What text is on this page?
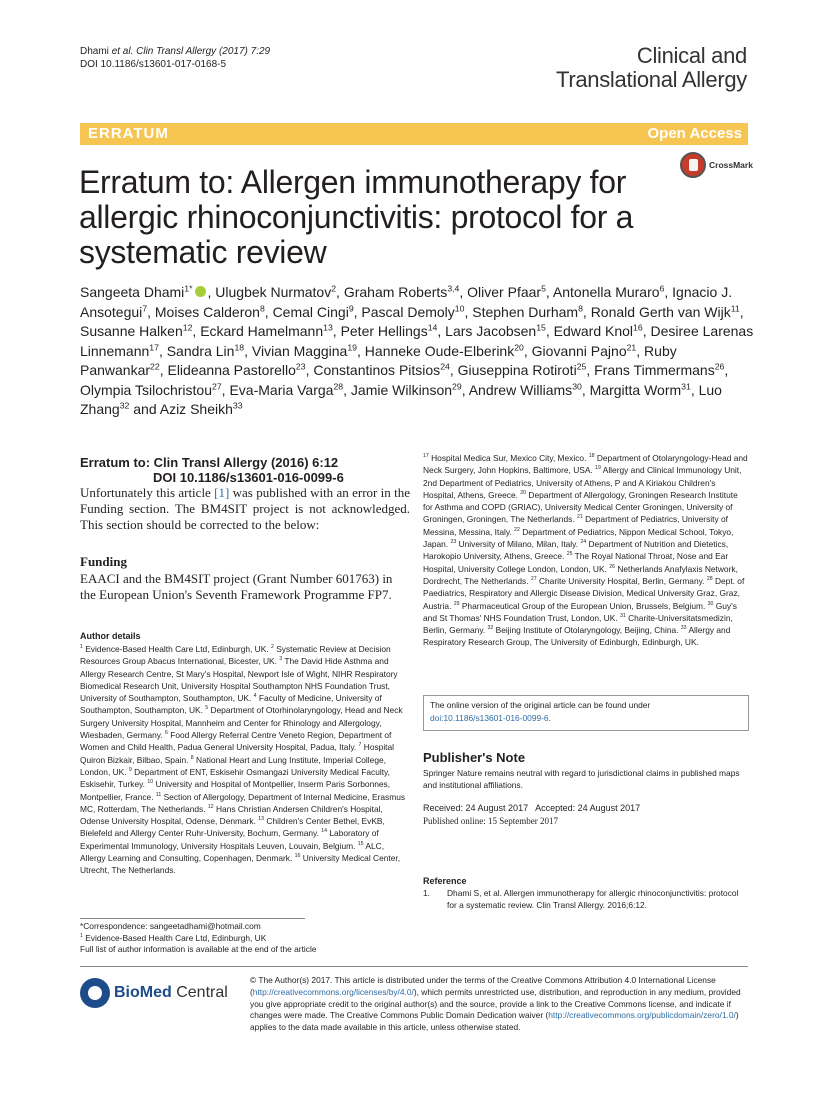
Dhami et al. Clin Transl Allergy (2017) 7:29
DOI 10.1186/s13601-017-0168-5	Clinical and
Translational Allergy
ERRATUM	Open Access
CrossMark
Erratum to: Allergen immunotherapy for allergic rhinoconjunctivitis: protocol for a systematic review
Sangeeta Dhami$^{1*}$ , Ulugbek Nurmatov$^2$, Graham Roberts$^{3,4}$, Oliver Pfaar$^5$, Antonella Muraro$^6$, Ignacio J. Ansotegui$^7$, Moises Calderon$^8$, Cemal Cingi$^9$, Pascal Demoly$^{10}$, Stephen Durham$^8$, Ronald Gerth van Wijk$^{11}$, Susanne Halken$^{12}$, Eckard Hamelmann$^{13}$, Peter Hellings$^{14}$, Lars Jacobsen$^{15}$, Edward Knol$^{16}$, Desiree Larenas Linnemann$^{17}$, Sandra Lin$^{18}$, Vivian Maggina$^{19}$, Hanneke Oude-Elberink$^{20}$, Giovanni Pajno$^{21}$, Ruby Panwankar$^{22}$, Elideanna Pastorello$^{23}$, Constantinos Pitsios$^{24}$, Giuseppina Rotiroti$^{25}$, Frans Timmermans$^{26}$, Olympia Tsilochristou$^{27}$, Eva-Maria Varga$^{28}$, Jamie Wilkinson$^{29}$, Andrew Williams$^{30}$, Margitta Worm$^{31}$, Luo Zhang$^{32}$ and Aziz Sheikh$^{33}$
Erratum to: Clin Transl Allergy (2016) 6:12
DOI 10.1186/s13601-016-0099-6

Unfortunately this article [1] was published with an error in the Funding section. The BM4SIT project is not acknowledged. This section should be corrected to the below:

Funding

EAACI and the BM4SIT project (Grant Number 601763) in the European Union's Seventh Framework Programme FP7.

Author details

$^1$ Evidence-Based Health Care Ltd, Edinburgh, UK. $^2$ Systematic Review at Decision Resources Group Abacus International, Bicester, UK. $^3$ The David Hide Asthma and Allergy Research Centre, St Mary's Hospital, Newport Isle of Wight, NIHR Respiratory Biomedical Research Unit, University Hospital Southampton NHS Foundation Trust, University of Southampton, Southampton, UK. $^4$ Faculty of Medicine, University of Southampton, Southampton, UK. $^5$ Department of Otorhinolaryngology, Head and Neck Surgery University Hospital, Mannheim and Center for Rhinology and Allergology, Wiesbaden, Germany. $^6$ Food Allergy Referral Centre Veneto Region, Department of Women and Child Health, Padua General University Hospital, Padua, Italy. $^7$ Hospital Quiron Bizkair, Bilbao, Spain. $^8$ National Heart and Lung Institute, Imperial College, London, UK. $^9$ Department of ENT, Eskisehir Osmangazi University Medical Faculty, Eskisehir, Turkey. $^{10}$ University and Hospital of Montpellier, Inserm Paris Sorbonnes, Montpellier, France. $^{11}$ Section of Allergology, Department of Internal Medicine, Erasmus MC, Rotterdam, The Netherlands. $^{12}$ Hans Christian Andersen Children's Hospital, Odense University Hospital, Odense, Denmark. $^{13}$ Children's Center Bethel, EvKB, Bielefeld and Allergy Center Ruhr-University, Bochum, Germany. $^{14}$ Laboratory of Experimental Immunology, University Hospitals Leuven, Louvain, Belgium. $^{15}$ ALC, Allergy Learning and Consulting, Copenhagen, Denmark. $^{16}$ University Medical Center, Utrecht, The Netherlands.

$^{17}$ Hospital Medica Sur, Mexico City, Mexico. $^{18}$ Department of Otolaryngology-Head and Neck Surgery, John Hopkins, Baltimore, USA. $^{19}$ Allergy and Clinical Immunology Unit, 2nd Department of Pediatrics, University of Athens, P and A Kiriakou Children's Hospital, Athens, Greece. $^{20}$ Department of Allergology, Groningen Research Institute for Asthma and COPD (GRIAC), University Medical Center Groningen, University of Groningen, Groningen, The Netherlands. $^{21}$ Department of Pediatrics, University of Messina, Messina, Italy. $^{22}$ Department of Pediatrics, Nippon Medical School, Tokyo, Japan. $^{23}$ University of Milano, Milan, Italy. $^{24}$ Department of Nutrition and Dietetics, Harokopio University, Athens, Greece. $^{25}$ The Royal National Throat, Nose and Ear Hospital, University College London, London, UK. $^{26}$ Netherlands Anafylaxis Network, Dordrecht, The Netherlands. $^{27}$ Charite University Hospital, Berlin, Germany. $^{28}$ Dept. of Paediatrics, Respiratory and Allergic Disease Division, Medical University Graz, Graz, Austria. $^{29}$ Pharmaceutical Group of the European Union, Brussels, Belgium. $^{30}$ Guy's and St Thomas' NHS Foundation Trust, London, UK. $^{31}$ Charite-Universitatsmedizin, Berlin, Germany. $^{32}$ Beijing Institute of Otolaryngology, Beijing, China. $^{33}$ Allergy and Respiratory Research Group, The University of Edinburgh, Edinburgh, UK.

The online version of the original article can be found under
doi:10.1186/s13601-016-0099-6.
Publisher's Note

Springer Nature remains neutral with regard to jurisdictional claims in published maps and institutional affiliations.

Received: 24 August 2017 Accepted: 24 August 2017
Published online: 15 September 2017
Reference
1. Dhami S, et al. Allergen immunotherapy for allergic rhinoconjunctivitis: protocol for a systematic review. Clin Transl Allergy. 2016;6:12.
*Correspondence: sangeetadhami@hotmail.com
$^1$ Evidence-Based Health Care Ltd, Edinburgh, UK
Full list of author information is available at the end of the article
BioMed Central

© The Author(s) 2017. This article is distributed under the terms of the Creative Commons Attribution 4.0 International License (http://creativecommons.org/licenses/by/4.0/), which permits unrestricted use, distribution, and reproduction in any medium, provided you give appropriate credit to the original author(s) and the source, provide a link to the Creative Commons license, and indicate if changes were made. The Creative Commons Public Domain Dedication waiver (http://creativecommons.org/publicdomain/zero/1.0/) applies to the data made available in this article, unless otherwise stated.
